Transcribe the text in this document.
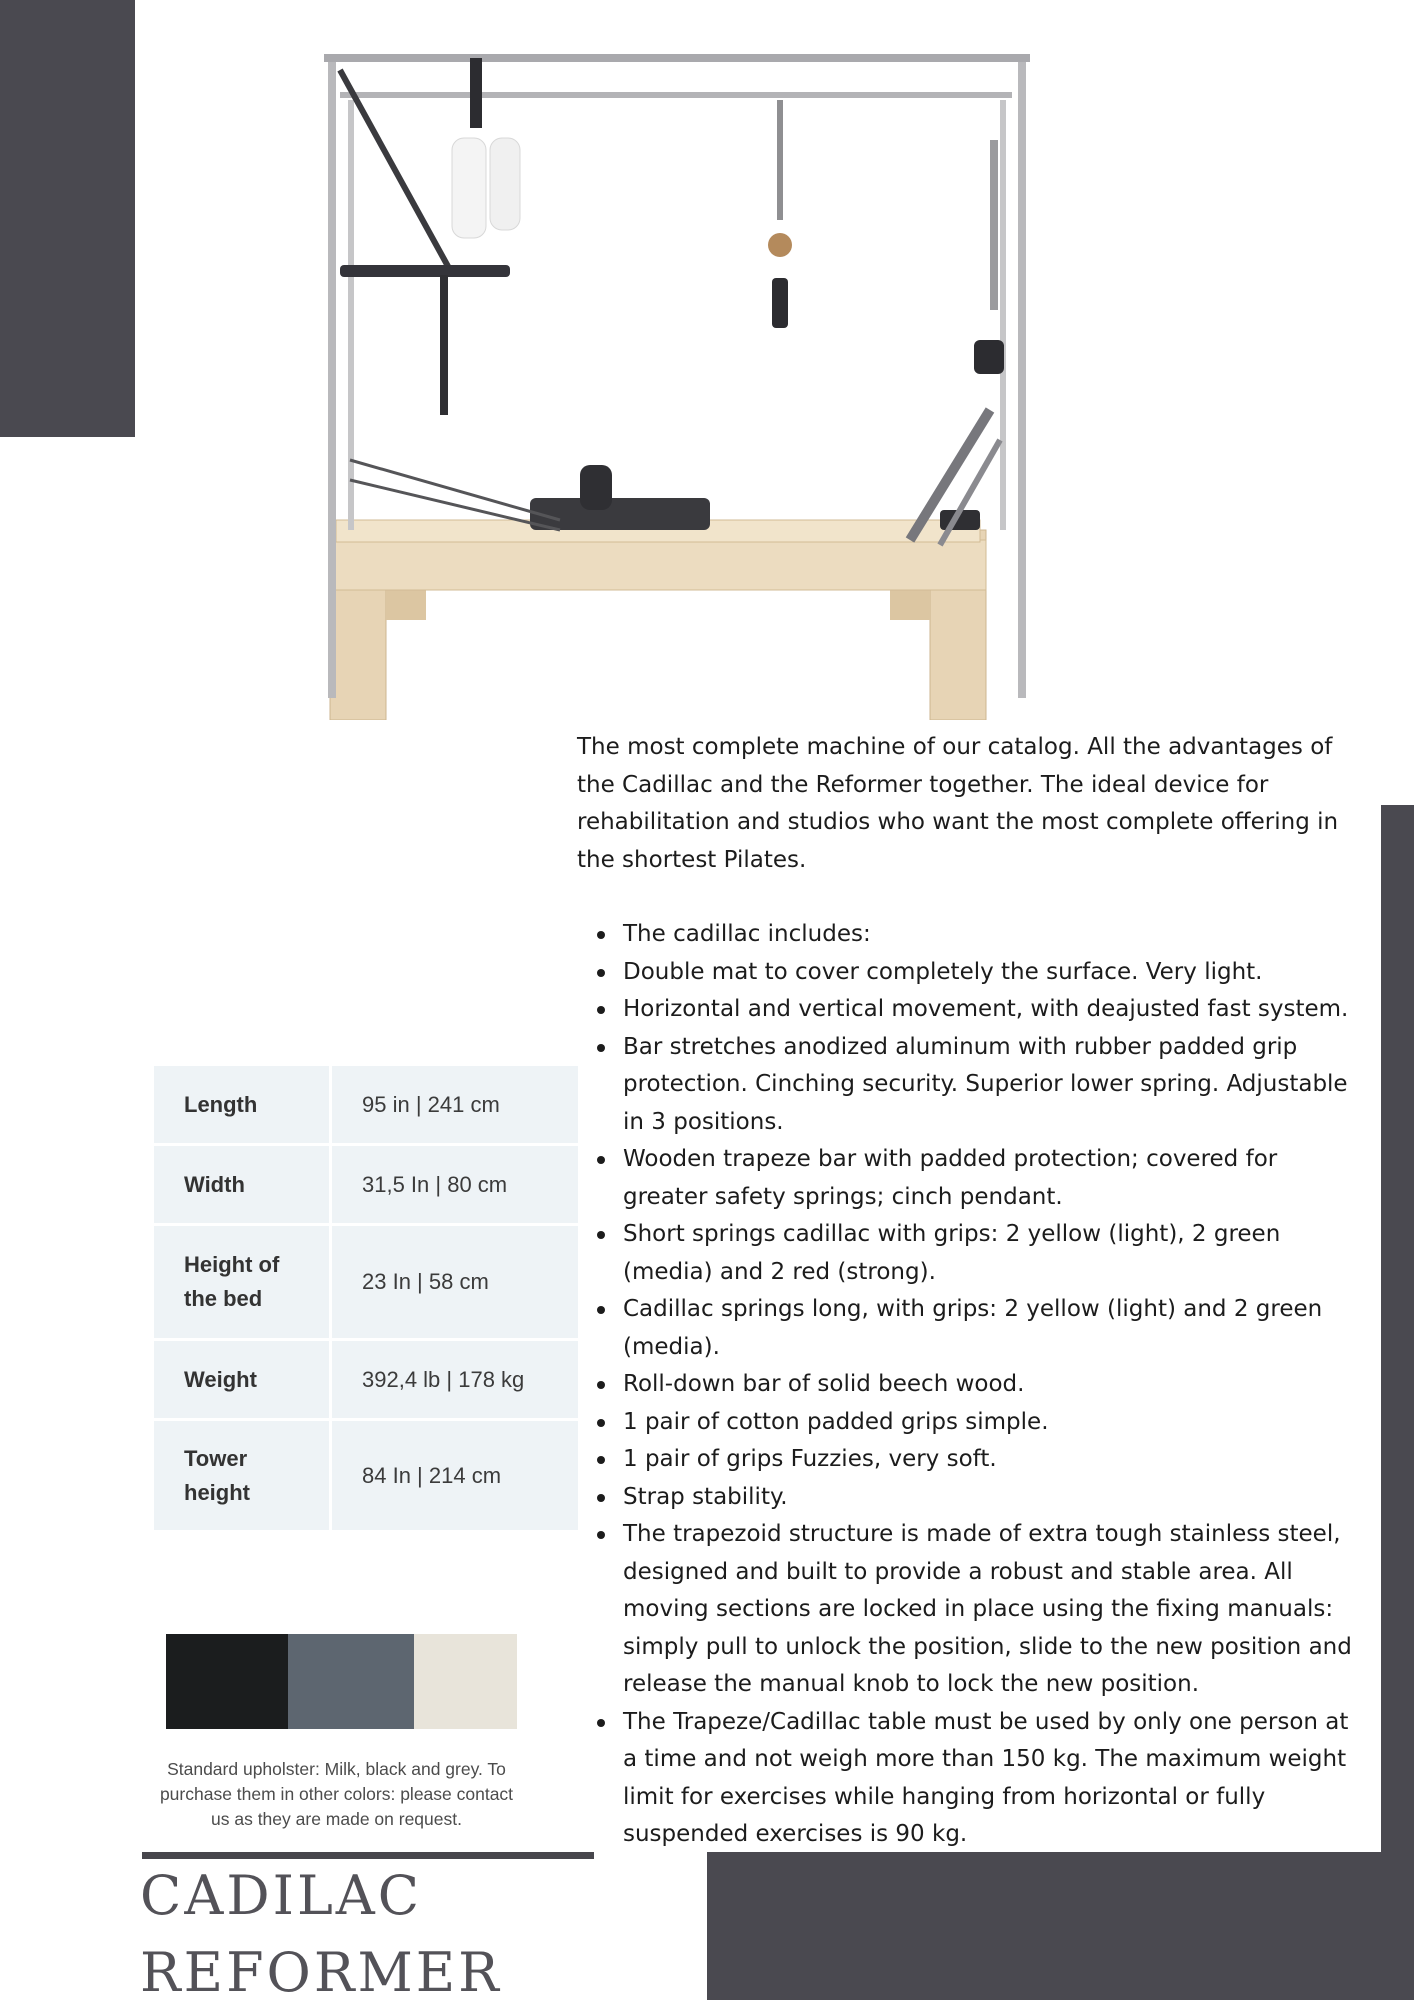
The most complete machine of our catalog. All the advantages of the Cadillac and the Reformer together. The ideal device for rehabilitation and studios who want the most complete offering in the shortest Pilates.

The cadillac includes:
Double mat to cover completely the surface. Very light.
Horizontal and vertical movement, with deajusted fast system.
Bar stretches anodized aluminum with rubber padded grip protection. Cinching security. Superior lower spring. Adjustable in 3 positions.
Wooden trapeze bar with padded protection; covered for greater safety springs; cinch pendant.
Short springs cadillac with grips: 2 yellow (light), 2 green (media) and 2 red (strong).
Cadillac springs long, with grips: 2 yellow (light) and 2 green (media).
Roll-down bar of solid beech wood.
1 pair of cotton padded grips simple.
1 pair of grips Fuzzies, very soft.
Strap stability.
The trapezoid structure is made of extra tough stainless steel, designed and built to provide a robust and stable area. All moving sections are locked in place using the fixing manuals: simply pull to unlock the position, slide to the new position and release the manual knob to lock the new position.
The Trapeze/Cadillac table must be used by only one person at a time and not weigh more than 150 kg. The maximum weight limit for exercises while hanging from horizontal or fully suspended exercises is 90 kg.
Length	95 in | 241 cm
Width	31,5 In | 80 cm
Height of the bed	23 In | 58 cm
Weight	392,4 lb | 178 kg
Tower height	84 In | 214 cm
Standard upholster: Milk, black and grey. To purchase them in other colors: please contact us as they are made on request.
CADILAC
REFORMER
